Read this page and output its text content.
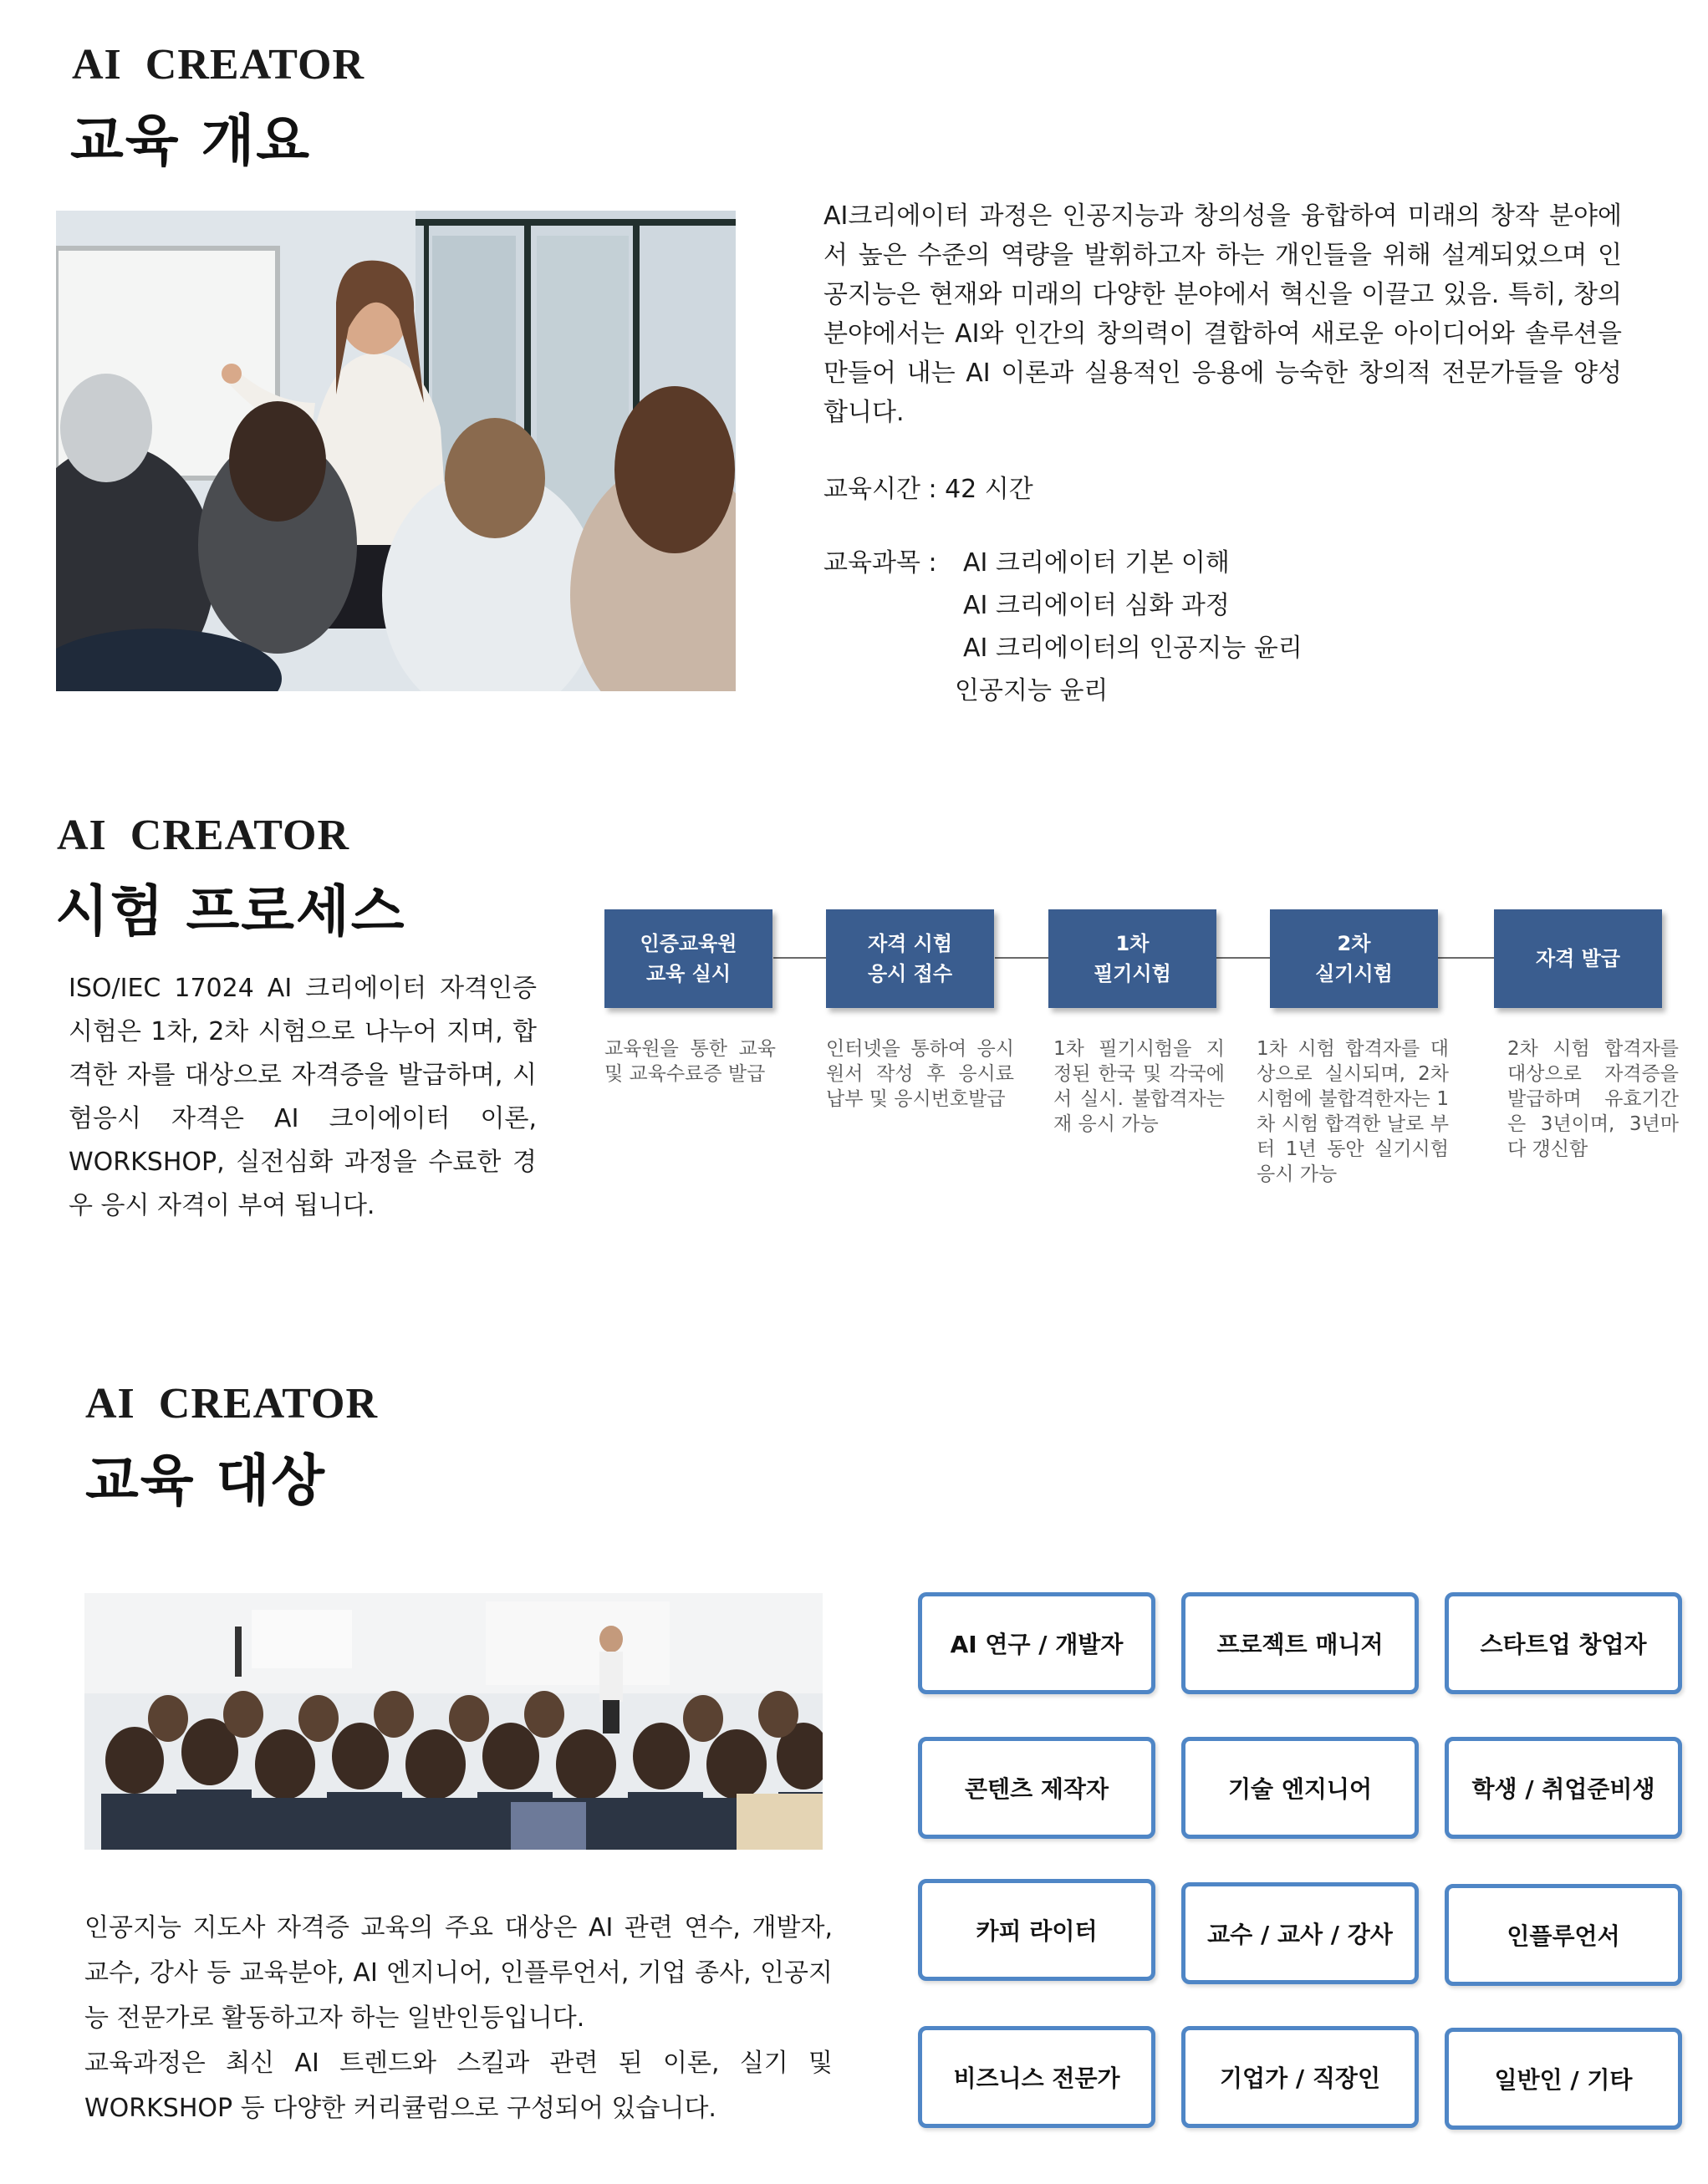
AI  CREATOR
교육 개요
AI크리에이터 과정은 인공지능과 창의성을 융합하여 미래의 창작 분야에서 높은 수준의 역량을 발휘하고자 하는 개인들을 위해 설계되었으며 인공지능은 현재와 미래의 다양한 분야에서 혁신을 이끌고 있음. 특히, 창의 분야에서는 AI와 인간의 창의력이 결합하여 새로운 아이디어와 솔루션을 만들어 내는 AI 이론과 실용적인 응용에 능숙한 창의적 전문가들을 양성 합니다.
교육시간 : 42 시간
교육과목 : AI 크리에이터 기본 이해
AI 크리에이터 심화 과정
AI 크리에이터의 인공지능 윤리
인공지능 윤리
AI  CREATOR
시험 프로세스
ISO/IEC 17024 AI 크리에이터 자격인증 시험은 1차, 2차 시험으로 나누어 지며, 합격한 자를 대상으로 자격증을 발급하며, 시험응시 자격은 AI 크이에이터 이론, WORKSHOP, 실전심화 과정을 수료한 경우 응시 자격이 부여 됩니다.
인증교육원
교육 실시
자격 시험
응시 접수
1차
필기시험
2차
실기시험
자격 발급
교육원을 통한 교육 및 교육수료증 발급
인터넷을 통하여 응시원서 작성 후 응시료 납부 및 응시번호발급
1차 필기시험을 지정된 한국 및 각국에서 실시. 불합격자는 재 응시 가능
1차 시험 합격자를 대상으로 실시되며, 2차 시험에 불합격한자는 1차 시험 합격한 날로 부터 1년 동안 실기시험 응시 가능
2차 시험 합격자를 대상으로 자격증을 발급하며 유효기간은 3년이며, 3년마다 갱신함
AI  CREATOR
교육 대상
인공지능 지도사 자격증 교육의 주요 대상은 AI 관련 연수, 개발자, 교수, 강사 등 교육분야, AI 엔지니어, 인플루언서, 기업 종사, 인공지능 전문가로 활동하고자 하는 일반인등입니다.
교육과정은 최신 AI 트렌드와 스킬과 관련 된 이론, 실기 및 WORKSHOP 등 다양한 커리큘럼으로 구성되어 있습니다.
AI 연구 / 개발자	프로젝트 매니저	스타트업 창업자
콘텐츠 제작자	기술 엔지니어	학생 / 취업준비생
카피 라이터	교수 / 교사 / 강사	인플루언서
비즈니스 전문가	기업가 / 직장인	일반인 / 기타
